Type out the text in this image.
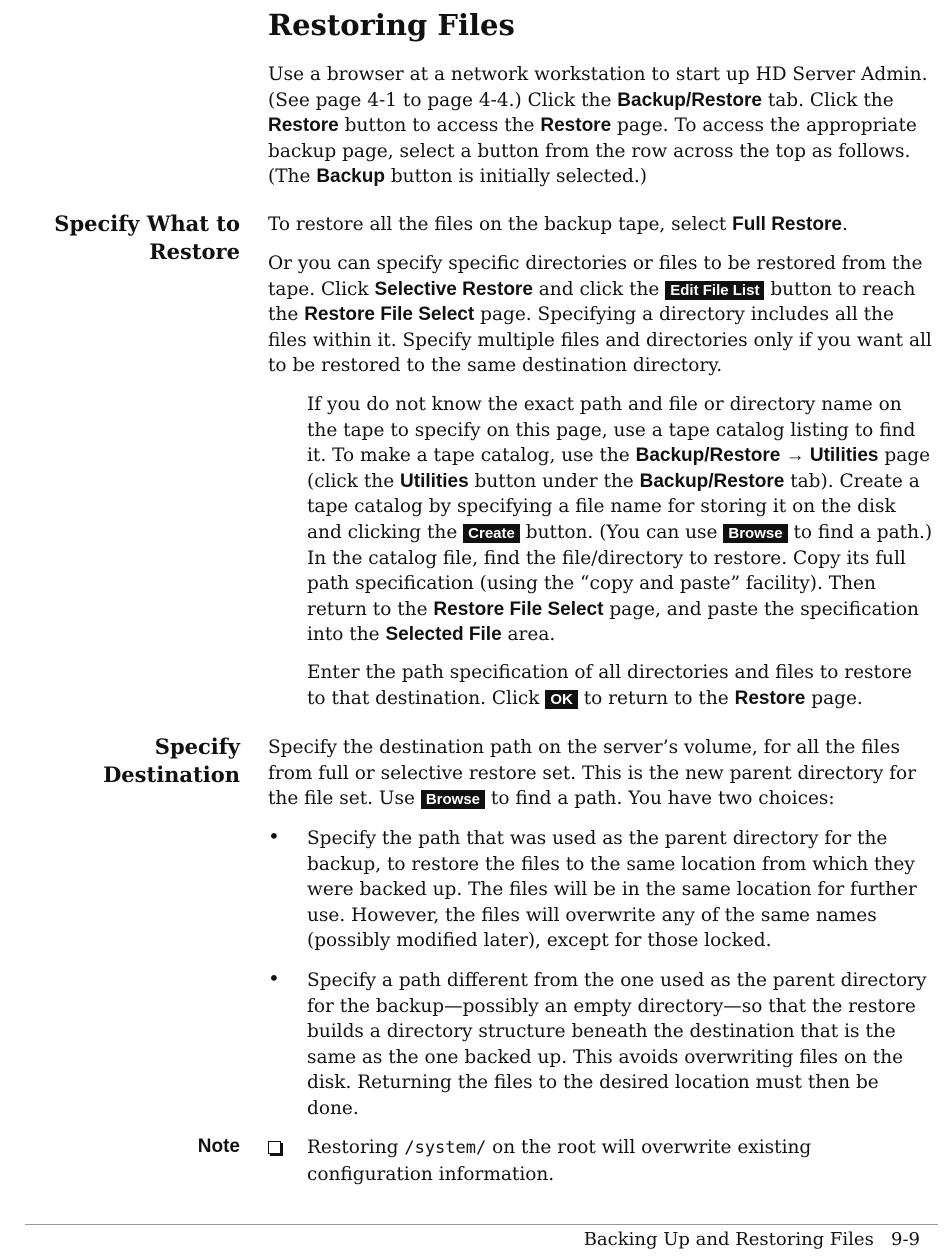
Restoring Files

Use a browser at a network workstation to start up HD Server Admin. (See page 4-1 to page 4-4.) Click the Backup/Restore tab. Click the Restore button to access the Restore page. To access the appropriate backup page, select a button from the row across the top as follows. (The Backup button is initially selected.)

Specify What to
Restore

To restore all the files on the backup tape, select Full Restore.

Or you can specify specific directories or files to be restored from the tape. Click Selective Restore and click the Edit File List button to reach the Restore File Select page. Specifying a directory includes all the files within it. Specify multiple files and directories only if you want all to be restored to the same destination directory.

If you do not know the exact path and file or directory name on the tape to specify on this page, use a tape catalog listing to find it. To make a tape catalog, use the Backup/Restore → Utilities page (click the Utilities button under the Backup/Restore tab). Create a tape catalog by specifying a file name for storing it on the disk and clicking the Create button. (You can use Browse to find a path.) In the catalog file, find the file/directory to restore. Copy its full path specification (using the “copy and paste” facility). Then return to the Restore File Select page, and paste the specification into the Selected File area.

Enter the path specification of all directories and files to restore to that destination. Click OK to return to the Restore page.

Specify
Destination

Specify the destination path on the server’s volume, for all the files from full or selective restore set. This is the new parent directory for the file set. Use Browse to find a path. You have two choices:

• Specify the path that was used as the parent directory for the backup, to restore the files to the same location from which they were backed up. The files will be in the same location for further use. However, the files will overwrite any of the same names (possibly modified later), except for those locked.

• Specify a path different from the one used as the parent directory for the backup—possibly an empty directory—so that the restore builds a directory structure beneath the destination that is the same as the one backed up. This avoids overwriting files on the disk. Returning the files to the desired location must then be done.

Note	Restoring /system/ on the root will overwrite existing configuration information.

Backing Up and Restoring Files 9-9
